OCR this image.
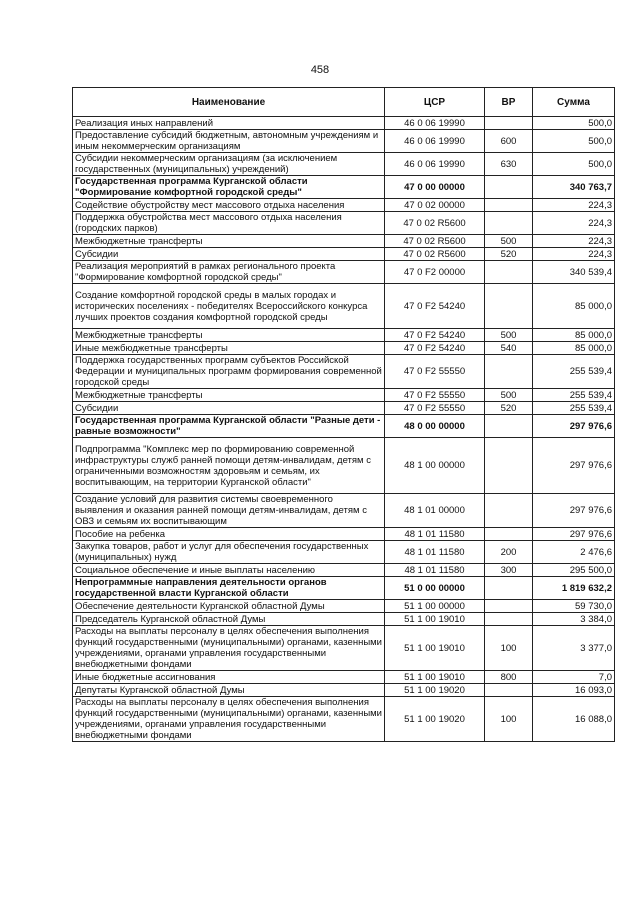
458
Наименование	ЦСР	ВР	Сумма
Реализация иных направлений	46 0 06 19990		500,0
Предоставление субсидий бюджетным, автономным учреждениям и иным некоммерческим организациям	46 0 06 19990	600	500,0
Субсидии некоммерческим организациям (за исключением государственных (муниципальных) учреждений)	46 0 06 19990	630	500,0
Государственная программа Курганской области "Формирование комфортной городской среды"	47 0 00 00000		340 763,7
Содействие обустройству мест массового отдыха населения	47 0 02 00000		224,3
Поддержка обустройства мест массового отдыха населения (городских парков)	47 0 02 R5600		224,3
Межбюджетные трансферты	47 0 02 R5600	500	224,3
Субсидии	47 0 02 R5600	520	224,3
Реализация мероприятий в рамках регионального проекта "Формирование комфортной городской среды"	47 0 F2 00000		340 539,4
Создание комфортной городской среды в малых городах и исторических поселениях - победителях Всероссийского конкурса лучших проектов создания комфортной городской среды	47 0 F2 54240		85 000,0
Межбюджетные трансферты	47 0 F2 54240	500	85 000,0
Иные межбюджетные трансферты	47 0 F2 54240	540	85 000,0
Поддержка государственных программ субъектов Российской Федерации и муниципальных программ формирования современной городской среды	47 0 F2 55550		255 539,4
Межбюджетные трансферты	47 0 F2 55550	500	255 539,4
Субсидии	47 0 F2 55550	520	255 539,4
Государственная программа Курганской области "Разные дети - равные возможности"	48 0 00 00000		297 976,6
Подпрограмма "Комплекс мер по формированию современной инфраструктуры служб ранней помощи детям-инвалидам, детям с ограниченными возможностям здоровьям и семьям, их воспитывающим, на территории Курганской области"	48 1 00 00000		297 976,6
Создание условий для развития системы своевременного выявления и оказания ранней помощи детям-инвалидам, детям с ОВЗ и семьям их воспитывающим	48 1 01 00000		297 976,6
Пособие на ребенка	48 1 01 11580		297 976,6
Закупка товаров, работ и услуг для обеспечения государственных (муниципальных) нужд	48 1 01 11580	200	2 476,6
Социальное обеспечение и иные выплаты населению	48 1 01 11580	300	295 500,0
Непрограммные направления деятельности органов государственной власти Курганской области	51 0 00 00000		1 819 632,2
Обеспечение деятельности Курганской областной Думы	51 1 00 00000		59 730,0
Председатель Курганской областной Думы	51 1 00 19010		3 384,0
Расходы на выплаты персоналу в целях обеспечения выполнения функций государственными (муниципальными) органами, казенными учреждениями, органами управления государственными внебюджетными фондами	51 1 00 19010	100	3 377,0
Иные бюджетные ассигнования	51 1 00 19010	800	7,0
Депутаты Курганской областной Думы	51 1 00 19020		16 093,0
Расходы на выплаты персоналу в целях обеспечения выполнения функций государственными (муниципальными) органами, казенными учреждениями, органами управления государственными внебюджетными фондами	51 1 00 19020	100	16 088,0
